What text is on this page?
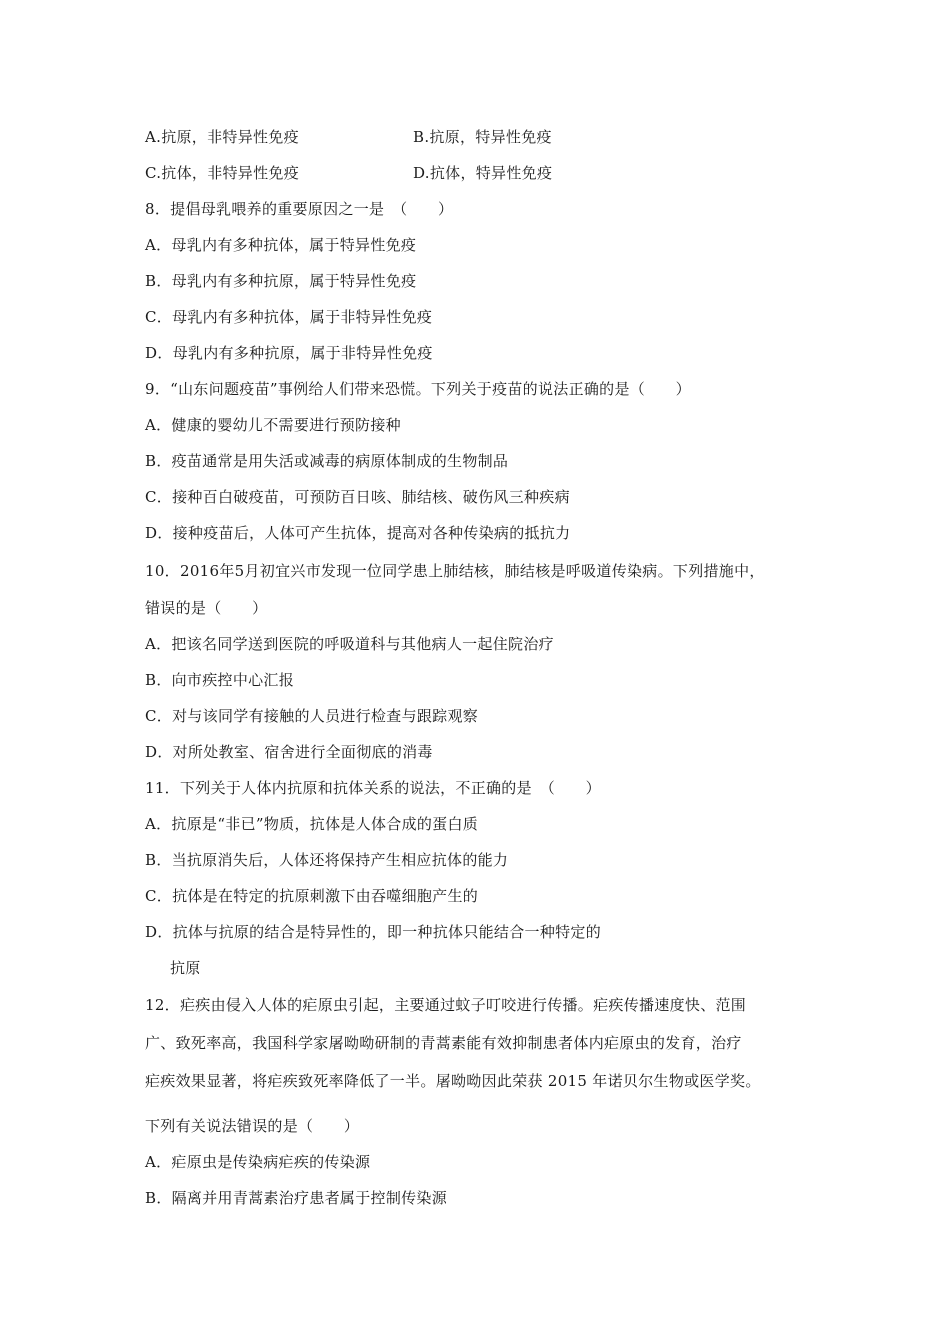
A.抗原，非特异性免疫	B.抗原，特异性免疫
C.抗体，非特异性免疫	D.抗体，特异性免疫
8．提倡母乳喂养的重要原因之一是　（　　）
A．母乳内有多种抗体，属于特异性免疫
B．母乳内有多种抗原，属于特异性免疫
C．母乳内有多种抗体，属于非特异性免疫
D．母乳内有多种抗原，属于非特异性免疫
9．“山东问题疫苗”事例给人们带来恐慌。下列关于疫苗的说法正确的是（　　）
A．健康的婴幼儿不需要进行预防接种
B．疫苗通常是用失活或减毒的病原体制成的生物制品
C．接种百白破疫苗，可预防百日咳、肺结核、破伤风三种疾病
D．接种疫苗后，人体可产生抗体，提高对各种传染病的抵抗力
10．2016年5月初宜兴市发现一位同学患上肺结核，肺结核是呼吸道传染病。下列措施中，
错误的是（　　）
A．把该名同学送到医院的呼吸道科与其他病人一起住院治疗
B．向市疾控中心汇报
C．对与该同学有接触的人员进行检查与跟踪观察
D．对所处教室、宿舍进行全面彻底的消毒
11．下列关于人体内抗原和抗体关系的说法，不正确的是　（　　）
A．抗原是“非已”物质，抗体是人体合成的蛋白质
B．当抗原消失后，人体还将保持产生相应抗体的能力
C．抗体是在特定的抗原刺激下由吞噬细胞产生的
D．抗体与抗原的结合是特异性的，即一种抗体只能结合一种特定的
抗原
12．疟疾由侵入人体的疟原虫引起，主要通过蚊子叮咬进行传播。疟疾传播速度快、范围
广、致死率高，我国科学家屠呦呦研制的青蒿素能有效抑制患者体内疟原虫的发育，治疗
疟疾效果显著，将疟疾致死率降低了一半。屠呦呦因此荣获 2015 年诺贝尔生物或医学奖。
下列有关说法错误的是（　　）
A．疟原虫是传染病疟疾的传染源
B．隔离并用青蒿素治疗患者属于控制传染源
